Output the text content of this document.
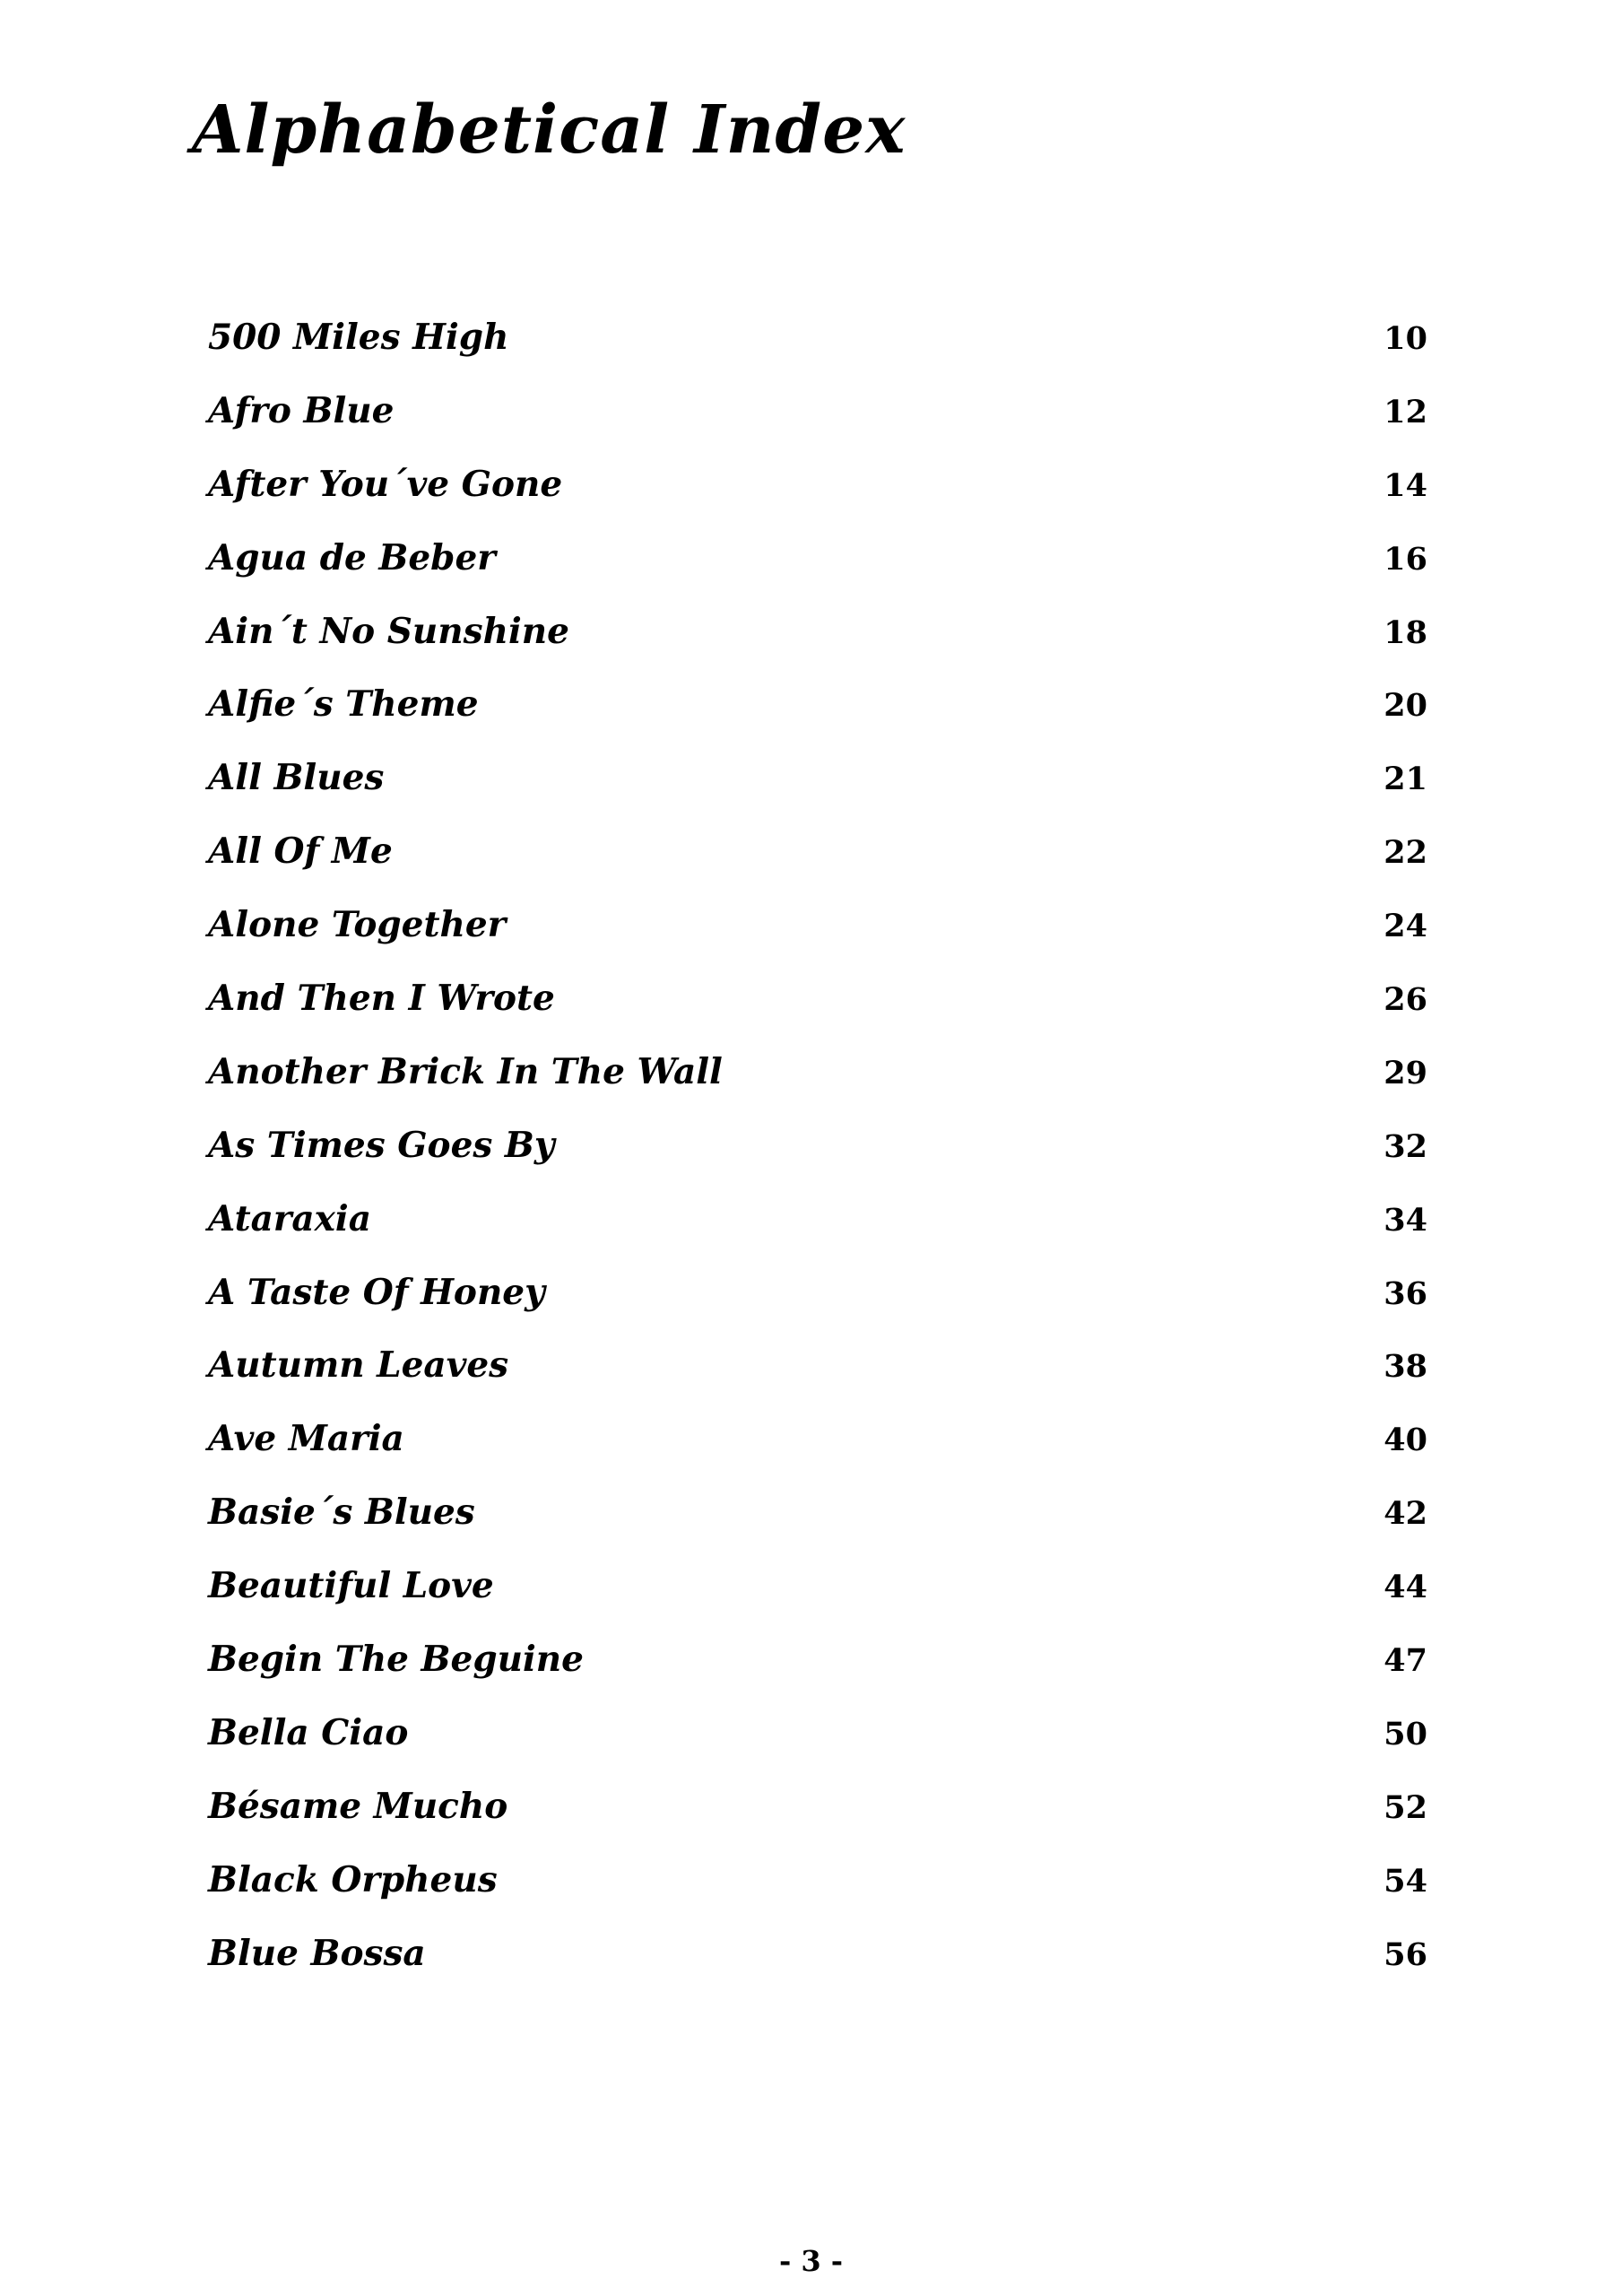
Alphabetical Index
500 Miles High	10
Afro Blue	12
After You´ve Gone	14
Agua de Beber	16
Ain´t No Sunshine	18
Alfie´s Theme	20
All Blues	21
All Of Me	22
Alone Together	24
And Then I Wrote	26
Another Brick In The Wall	29
As Times Goes By	32
Ataraxia	34
A Taste Of Honey	36
Autumn Leaves	38
Ave Maria	40
Basie´s Blues	42
Beautiful Love	44
Begin The Beguine	47
Bella Ciao	50
Bésame Mucho	52
Black Orpheus	54
Blue Bossa	56
- 3 -
